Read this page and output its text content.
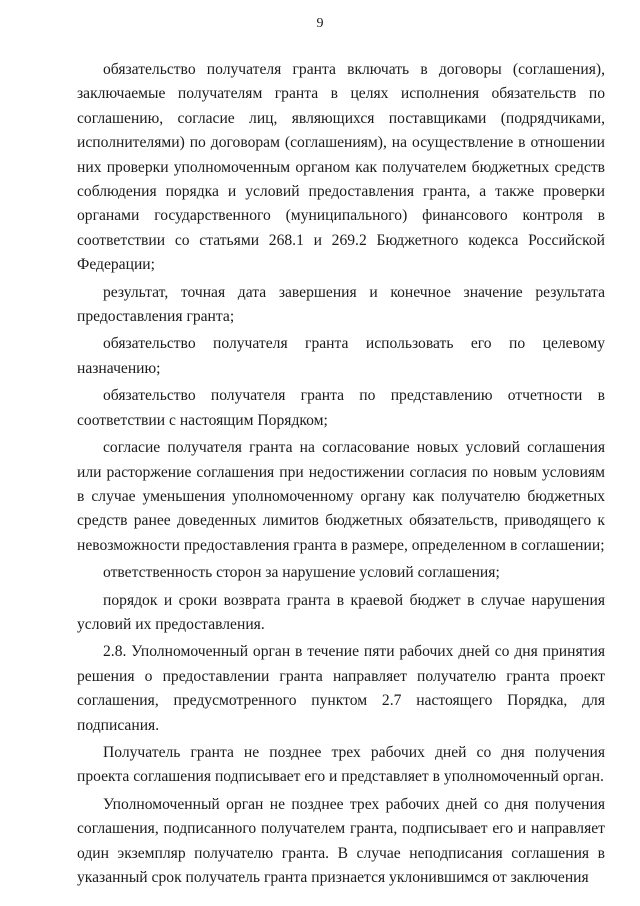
9

обязательство получателя гранта включать в договоры (соглашения), заключаемые получателям гранта в целях исполнения обязательств по соглашению, согласие лиц, являющихся поставщиками (подрядчиками, исполнителями) по договорам (соглашениям), на осуществление в отношении них проверки уполномоченным органом как получателем бюджетных средств соблюдения порядка и условий предоставления гранта, а также проверки органами государственного (муниципального) финансового контроля в соответствии со статьями 268.1 и 269.2 Бюджетного кодекса Российской Федерации;

результат, точная дата завершения и конечное значение результата предоставления гранта;

обязательство получателя гранта использовать его по целевому назначению;

обязательство получателя гранта по представлению отчетности в соответствии с настоящим Порядком;

согласие получателя гранта на согласование новых условий соглашения или расторжение соглашения при недостижении согласия по новым условиям в случае уменьшения уполномоченному органу как получателю бюджетных средств ранее доведенных лимитов бюджетных обязательств, приводящего к невозможности предоставления гранта в размере, определенном в соглашении;

ответственность сторон за нарушение условий соглашения;

порядок и сроки возврата гранта в краевой бюджет в случае нарушения условий их предоставления.

2.8. Уполномоченный орган в течение пяти рабочих дней со дня принятия решения о предоставлении гранта направляет получателю гранта проект соглашения, предусмотренного пунктом 2.7 настоящего Порядка, для подписания.

Получатель гранта не позднее трех рабочих дней со дня получения проекта соглашения подписывает его и представляет в уполномоченный орган.

Уполномоченный орган не позднее трех рабочих дней со дня получения соглашения, подписанного получателем гранта, подписывает его и направляет один экземпляр получателю гранта. В случае неподписания соглашения в указанный срок получатель гранта признается уклонившимся от заключения
